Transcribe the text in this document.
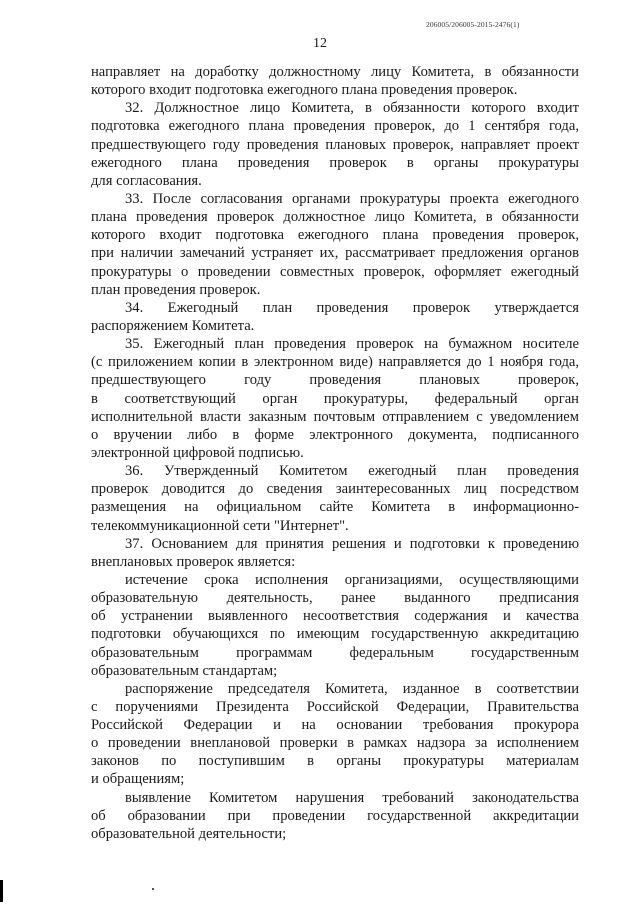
206005/206005-2015-2476(1)
12
направляет на доработку должностному лицу Комитета, в обязанности
которого входит подготовка ежегодного плана проведения проверок.
32. Должностное лицо Комитета, в обязанности которого входит
подготовка ежегодного плана проведения проверок, до 1 сентября года,
предшествующего году проведения плановых проверок, направляет проект
ежегодного плана проведения проверок в органы прокуратуры
для согласования.
33. После согласования органами прокуратуры проекта ежегодного
плана проведения проверок должностное лицо Комитета, в обязанности
которого входит подготовка ежегодного плана проведения проверок,
при наличии замечаний устраняет их, рассматривает предложения органов
прокуратуры о проведении совместных проверок, оформляет ежегодный
план проведения проверок.
34. Ежегодный план проведения проверок утверждается
распоряжением Комитета.
35. Ежегодный план проведения проверок на бумажном носителе
(с приложением копии в электронном виде) направляется до 1 ноября года,
предшествующего году проведения плановых проверок,
в соответствующий орган прокуратуры, федеральный орган
исполнительной власти заказным почтовым отправлением с уведомлением
о вручении либо в форме электронного документа, подписанного
электронной цифровой подписью.
36. Утвержденный Комитетом ежегодный план проведения
проверок доводится до сведения заинтересованных лиц посредством
размещения на официальном сайте Комитета в информационно-
телекоммуникационной сети "Интернет".
37. Основанием для принятия решения и подготовки к проведению
внеплановых проверок является:
истечение срока исполнения организациями, осуществляющими
образовательную деятельность, ранее выданного предписания
об устранении выявленного несоответствия содержания и качества
подготовки обучающихся по имеющим государственную аккредитацию
образовательным программам федеральным государственным
образовательным стандартам;
распоряжение председателя Комитета, изданное в соответствии
с поручениями Президента Российской Федерации, Правительства
Российской Федерации и на основании требования прокурора
о проведении внеплановой проверки в рамках надзора за исполнением
законов по поступившим в органы прокуратуры материалам
и обращениям;
выявление Комитетом нарушения требований законодательства
об образовании при проведении государственной аккредитации
образовательной деятельности;
